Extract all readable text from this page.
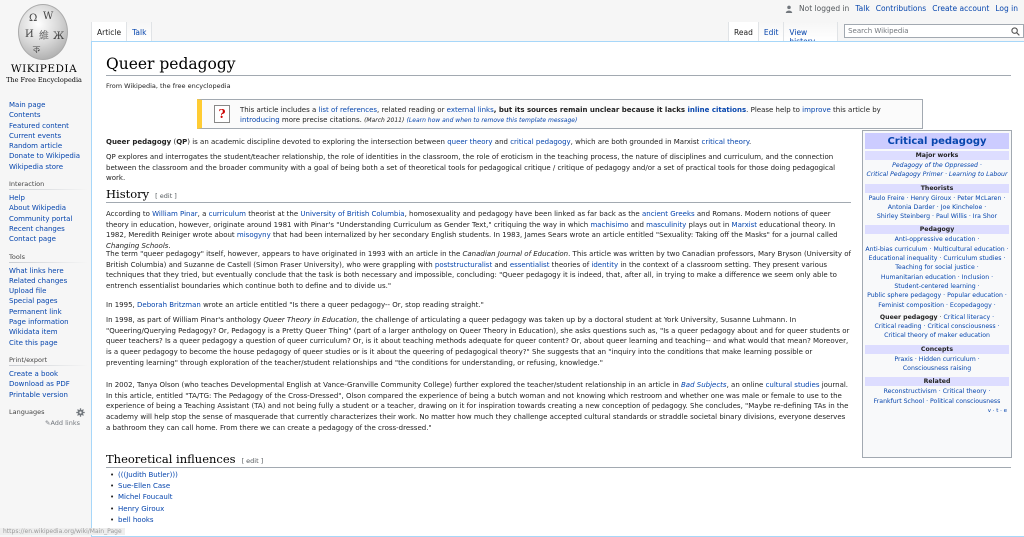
Ω W
И 維 Ж
ক
WIKIPEDIA
The Free Encyclopedia
Not logged in Talk Contributions Create account Log in
Article	Talk	Read	Edit	View	Search Wikipedia
Main page
Contents
Featured content
Current events
Random article
Donate to Wikipedia
Wikipedia store
Interaction
Help
About Wikipedia
Community portal
Recent changes
Contact page
Tools
What links here
Related changes
Upload file
Special pages
Permanent link
Page information
Wikidata item
Cite this page
Print/export
Create a book
Download as PDF
Printable version
Languages
✎Add links
Queer pedagogy
From Wikipedia, the free encyclopedia
?	This article includes a list of references, related reading or external links, but its sources remain unclear because it lacks inline citations. Please help to improve this article by introducing more precise citations. (March 2011) (Learn how and when to remove this template message)
Critical pedagogy
Major works
Pedagogy of the Oppressed ·
Critical Pedagogy Primer · Learning to Labour
Theorists
Paulo Freire · Henry Giroux · Peter McLaren ·
Antonia Darder · Joe Kincheloe ·
Shirley Steinberg · Paul Willis · Ira Shor
Pedagogy
Anti-oppressive education ·
Anti-bias curriculum · Multicultural education ·
Educational inequality · Curriculum studies ·
Teaching for social justice ·
Humanitarian education · Inclusion ·
Student-centered learning ·
Public sphere pedagogy · Popular education ·
Feminist composition · Ecopedagogy ·
Queer pedagogy · Critical literacy ·
Critical reading · Critical consciousness ·
Critical theory of maker education
Concepts
Praxis · Hidden curriculum ·
Consciousness raising
Related
Reconstructivism · Critical theory ·
Frankfurt School · Political consciousness
v · t · e
Queer pedagogy (QP) is an academic discipline devoted to exploring the intersection between queer theory and critical pedagogy, which are both grounded in Marxist critical theory.
QP explores and interrogates the student/teacher relationship, the role of identities in the classroom, the role of eroticism in the teaching process, the nature of disciplines and curriculum, and the connection between the classroom and the broader community with a goal of being both a set of theoretical tools for pedagogical critique / critique of pedagogy and/or a set of practical tools for those doing pedagogical work.
History [ edit ]
According to William Pinar, a curriculum theorist at the University of British Columbia, homosexuality and pedagogy have been linked as far back as the ancient Greeks and Romans. Modern notions of queer theory in education, however, originate around 1981 with Pinar's "Understanding Curriculum as Gender Text," critiquing the way in which machisimo and masculinity plays out in Marxist educational theory. In 1982, Meredith Reiniger wrote about misogyny that had been internalized by her secondary English students. In 1983, James Sears wrote an article entitled "Sexuality: Taking off the Masks" for a journal called Changing Schools.
The term "queer pedagogy" itself, however, appears to have originated in 1993 with an article in the Canadian Journal of Education. This article was written by two Canadian professors, Mary Bryson (University of British Columbia) and Suzanne de Castell (Simon Fraser University), who were grappling with poststructuralist and essentialist theories of identity in the context of a classroom setting. They present various techniques that they tried, but eventually conclude that the task is both necessary and impossible, concluding: "Queer pedagogy it is indeed, that, after all, in trying to make a difference we seem only able to entrench essentialist boundaries which continue both to define and to divide us."
In 1995, Deborah Britzman wrote an article entitled "Is there a queer pedagogy-- Or, stop reading straight."
In 1998, as part of William Pinar's anthology Queer Theory in Education, the challenge of articulating a queer pedagogy was taken up by a doctoral student at York University, Susanne Luhmann. In "Queering/Querying Pedagogy? Or, Pedagogy is a Pretty Queer Thing" (part of a larger anthology on Queer Theory in Education), she asks questions such as, "Is a queer pedagogy about and for queer students or queer teachers? Is a queer pedagogy a question of queer curriculum? Or, is it about teaching methods adequate for queer content? Or, about queer learning and teaching-- and what would that mean? Moreover, is a queer pedagogy to become the house pedagogy of queer studies or is it about the queering of pedagogical theory?" She suggests that an "inquiry into the conditions that make learning possible or preventing learning" through exploration of the teacher/student relationships and "the conditions for understanding, or refusing, knowledge."
In 2002, Tanya Olson (who teaches Developmental English at Vance-Granville Community College) further explored the teacher/student relationship in an article in Bad Subjects, an online cultural studies journal. In this article, entitled "TA/TG: The Pedagogy of the Cross-Dressed", Olson compared the experience of being a butch woman and not knowing which restroom and whether one was male or female to use to the experience of being a Teaching Assistant (TA) and not being fully a student or a teacher, drawing on it for inspiration towards creating a new conception of pedagogy. She concludes, "Maybe re-defining TAs in the academy will help stop the sense of masquerade that currently characterizes their work. No matter how much they challenge accepted cultural standards or straddle societal binary divisions, everyone deserves a bathroom they can call home. From there we can create a pedagogy of the cross-dressed."
Theoretical influences [ edit ]
• (((Judith Butler)))
• Sue-Ellen Case
• Michel Foucault
• Henry Giroux
• bell hooks
https://en.wikipedia.org/wiki/Main_Page
